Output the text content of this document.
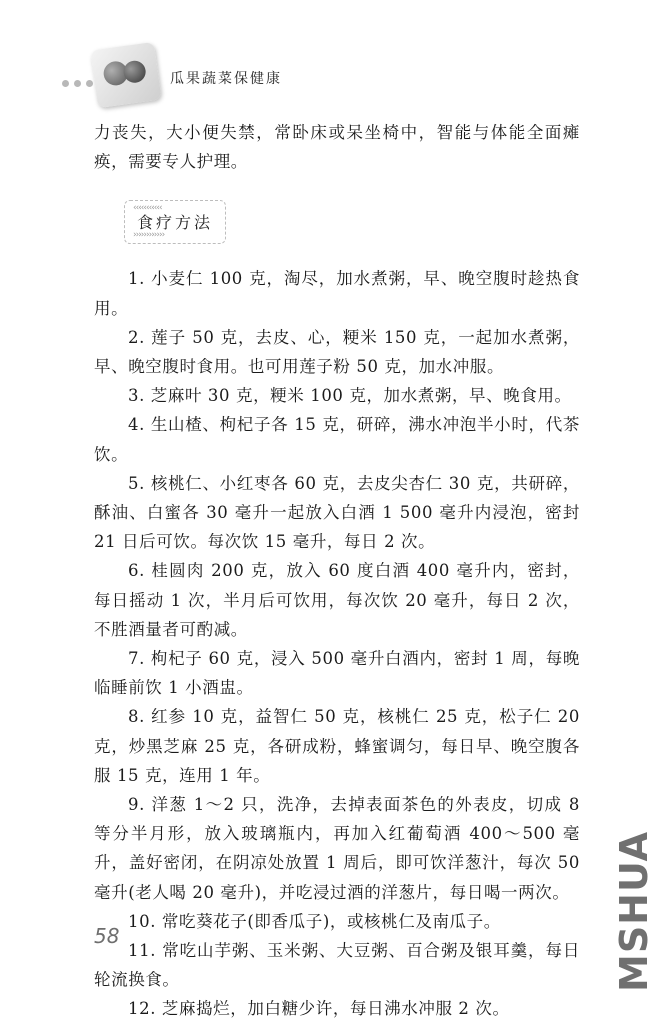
瓜果蔬菜保健康

力丧失，大小便失禁，常卧床或呆坐椅中，智能与体能全面瘫痪，需要专人护理。

‹‹‹‹‹‹‹‹‹‹‹ 食疗方法 ››››››››››››

1. 小麦仁 100 克，淘尽，加水煮粥，早、晚空腹时趁热食用。

2. 莲子 50 克，去皮、心，粳米 150 克，一起加水煮粥，早、晚空腹时食用。也可用莲子粉 50 克，加水冲服。

3. 芝麻叶 30 克，粳米 100 克，加水煮粥，早、晚食用。

4. 生山楂、枸杞子各 15 克，研碎，沸水冲泡半小时，代茶饮。

5. 核桃仁、小红枣各 60 克，去皮尖杏仁 30 克，共研碎，酥油、白蜜各 30 毫升一起放入白酒 1 500 毫升内浸泡，密封 21 日后可饮。每次饮 15 毫升，每日 2 次。

6. 桂圆肉 200 克，放入 60 度白酒 400 毫升内，密封，每日摇动 1 次，半月后可饮用，每次饮 20 毫升，每日 2 次，不胜酒量者可酌减。

7. 枸杞子 60 克，浸入 500 毫升白酒内，密封 1 周，每晚临睡前饮 1 小酒盅。

8. 红参 10 克，益智仁 50 克，核桃仁 25 克，松子仁 20 克，炒黑芝麻 25 克，各研成粉，蜂蜜调匀，每日早、晚空腹各服 15 克，连用 1 年。

9. 洋葱 1～2 只，洗净，去掉表面茶色的外表皮，切成 8 等分半月形，放入玻璃瓶内，再加入红葡萄酒 400～500 毫升，盖好密闭，在阴凉处放置 1 周后，即可饮洋葱汁，每次 50 毫升(老人喝 20 毫升)，并吃浸过酒的洋葱片，每日喝一两次。

10. 常吃葵花子(即香瓜子)，或核桃仁及南瓜子。

11. 常吃山芋粥、玉米粥、大豆粥、百合粥及银耳羹，每日轮流换食。

12. 芝麻捣烂，加白糖少许，每日沸水冲服 2 次。

58	MSHUA
